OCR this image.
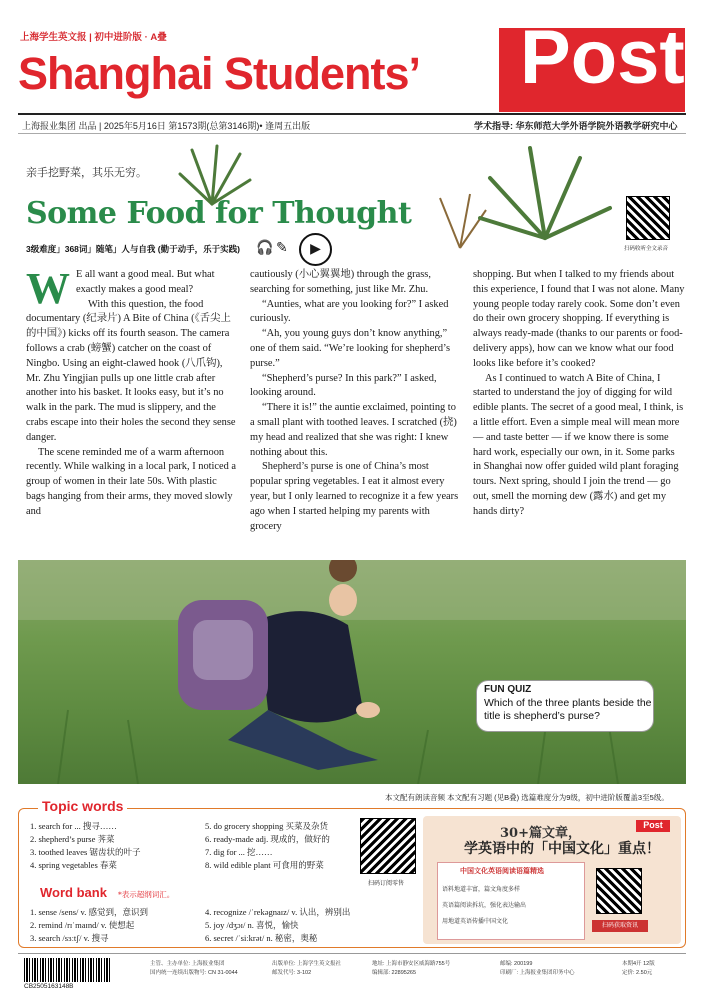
上海学生英文报 | 初中进阶版 · A叠
Shanghai Students’ Post
上海报业集团 出品 | 2025年5月16日 第1573期(总第3146期)• 逢周五出版	学术指导: 华东师范大学外语学院外语教学研究中心
亲手挖野菜，其乐无穷。
Some Food for Thought
3级难度」368词」随笔」人与自我 (勤于动手，乐于实践) 🎧 ✎	▶	扫码收听全文录音
W E all want a good meal. But what exactly makes a good meal?

With this question, the food documentary (纪录片) A Bite of China (《舌尖上的中国》) kicks off its fourth season. The camera follows a crab (螃蟹) catcher on the coast of Ningbo. Using an eight-clawed hook (八爪钩), Mr. Zhu Yingjian pulls up one little crab after another into his basket. It looks easy, but it’s no walk in the park. The mud is slippery, and the crabs escape into their holes the second they sense danger.

The scene reminded me of a warm afternoon recently. While walking in a local park, I noticed a group of women in their late 50s. With plastic bags hanging from their arms, they moved slowly and

cautiously (小心翼翼地) through the grass, searching for something, just like Mr. Zhu.

“Aunties, what are you looking for?” I asked curiously.

“Ah, you young guys don’t know anything,” one of them said. “We’re looking for shepherd’s purse.”

“Shepherd’s purse? In this park?” I asked, looking around.

“There it is!” the auntie exclaimed, pointing to a small plant with toothed leaves. I scratched (挠) my head and realized that she was right: I knew nothing about this.

Shepherd’s purse is one of China’s most popular spring vegetables. I eat it almost every year, but I only learned to recognize it a few years ago when I started helping my parents with grocery

shopping. But when I talked to my friends about this experience, I found that I was not alone. Many young people today rarely cook. Some don’t even do their own grocery shopping. If everything is always ready-made (thanks to our parents or food-delivery apps), how can we know what our food looks like before it’s cooked?

As I continued to watch A Bite of China, I started to understand the joy of digging for wild edible plants. The secret of a good meal, I think, is a little effort. Even a simple meal will mean more — and taste better — if we know there is some hard work, especially our own, in it. Some parks in Shanghai now offer guided wild plant foraging tours. Next spring, should I join the trend — go out, smell the morning dew (露水) and get my hands dirty?

FUN QUIZ
Which of the three plants beside the title is shepherd’s purse?
本文配有朗读音频 本文配有习题 (见B叠) 选篇难度分为9级，初中进阶版覆盖3至5级。
Topic words
1. search for ... 搜寻……
2. shepherd’s purse 荠菜
3. toothed leaves 锯齿状的叶子
4. spring vegetables 春菜
5. do grocery shopping 买菜及杂货
6. ready-made adj. 现成的，做好的
7. dig for ... 挖……
8. wild edible plant 可食用的野菜
Word bank *表示超纲词汇。
1. sense /sens/ v. 感觉到，意识到
2. remind /rɪˈmaɪnd/ v. 使想起
3. search /sɜːtʃ/ v. 搜寻
4. recognize /ˈrekəgnaɪz/ v. 认出，辨别出
5. joy /dʒɔɪ/ n. 喜悦，愉快
6. secret /ˈsiːkrət/ n. 秘密，奥秘
扫码订阅零售
Post
30+篇文章，
学英语中的「中国文化」重点！
中国文化英语阅读语篇精选
语料地道丰富，篇文角度多样
英语篇阅读拆坑，强化表达输出
用地道英语传播中国文化
扫码获取资讯
CB2505163148B
主管、主办单位: 上海报业集团
国内统一连续出版物号: CN 31-0044
出版单位: 上海学生英文报社
邮发代号: 3-102
地址: 上海市静安区威海路755号
编辑部: 22895265
邮编: 200199
印刷厂: 上海报业集团印务中心
本期4开 12版
定价: 2.50元
